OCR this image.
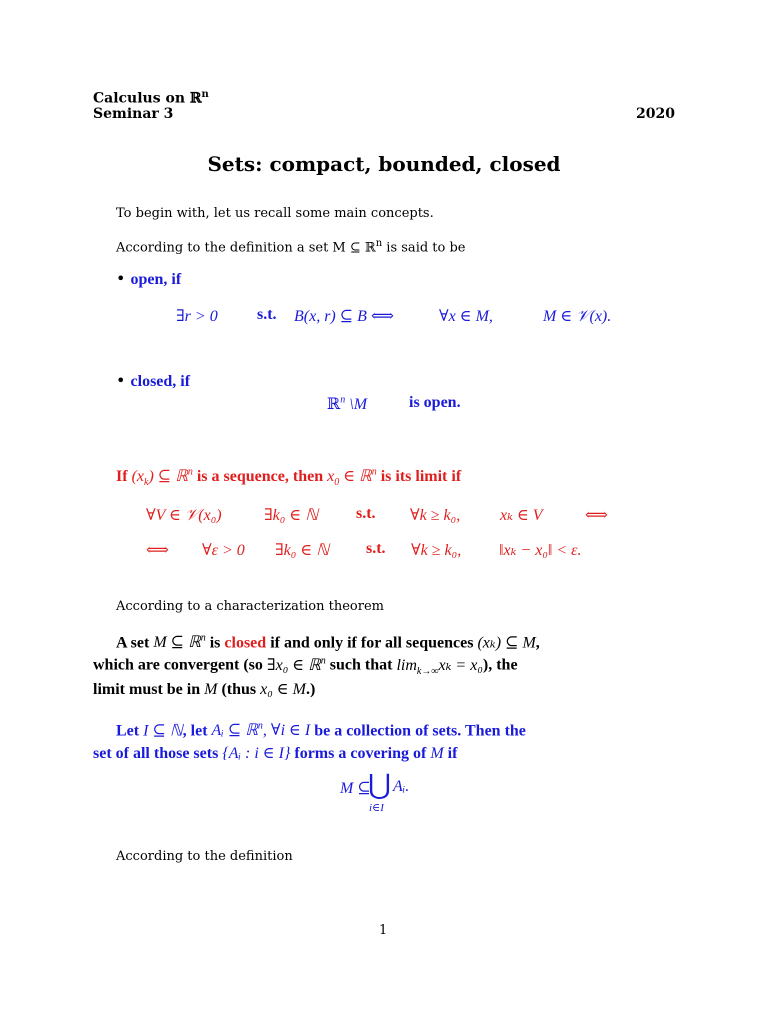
Calculus on ℝ$^n$
Seminar 3	2020
Sets: compact, bounded, closed
To begin with, let us recall some main concepts.
According to the definition a set M ⊆ ℝ$^n$ is said to be
• open, if
∃r > 0 s.t. B(x, r) ⊆ B ⟺	∀x ∈ M,	M ∈ 𝒱(x).
• closed, if
ℝ$^n$ \M	is open.
If $(x_k)$ ⊆ ℝ$^n$ is a sequence, then $x_0$ ∈ ℝ$^n$ is its limit if
∀V ∈ 𝒱(x₀)	∃k₀ ∈ ℕ s.t. ∀k ≥ k₀, xₖ ∈ V	⟺
⟺ ∀ε > 0 ∃k₀ ∈ ℕ s.t. ∀k ≥ k₀, ‖xₖ − x₀‖ < ε.
According to a characterization theorem
A set M ⊆ ℝ$^n$ is closed if and only if for all sequences (xₖ) ⊆ M,
which are convergent (so ∃x₀ ∈ ℝ$^n$ such that $\lim_{k\to\infty}x_k = x_0$), the
limit must be in M (thus x₀ ∈ M.)
Let I ⊆ ℕ, let Aᵢ ⊆ ℝ$^n$, ∀i ∈ I be a collection of sets. Then the
set of all those sets {Aᵢ : i ∈ I} forms a covering of M if
M ⊆
⋃ Aᵢ.
i∈I
According to the definition
1
